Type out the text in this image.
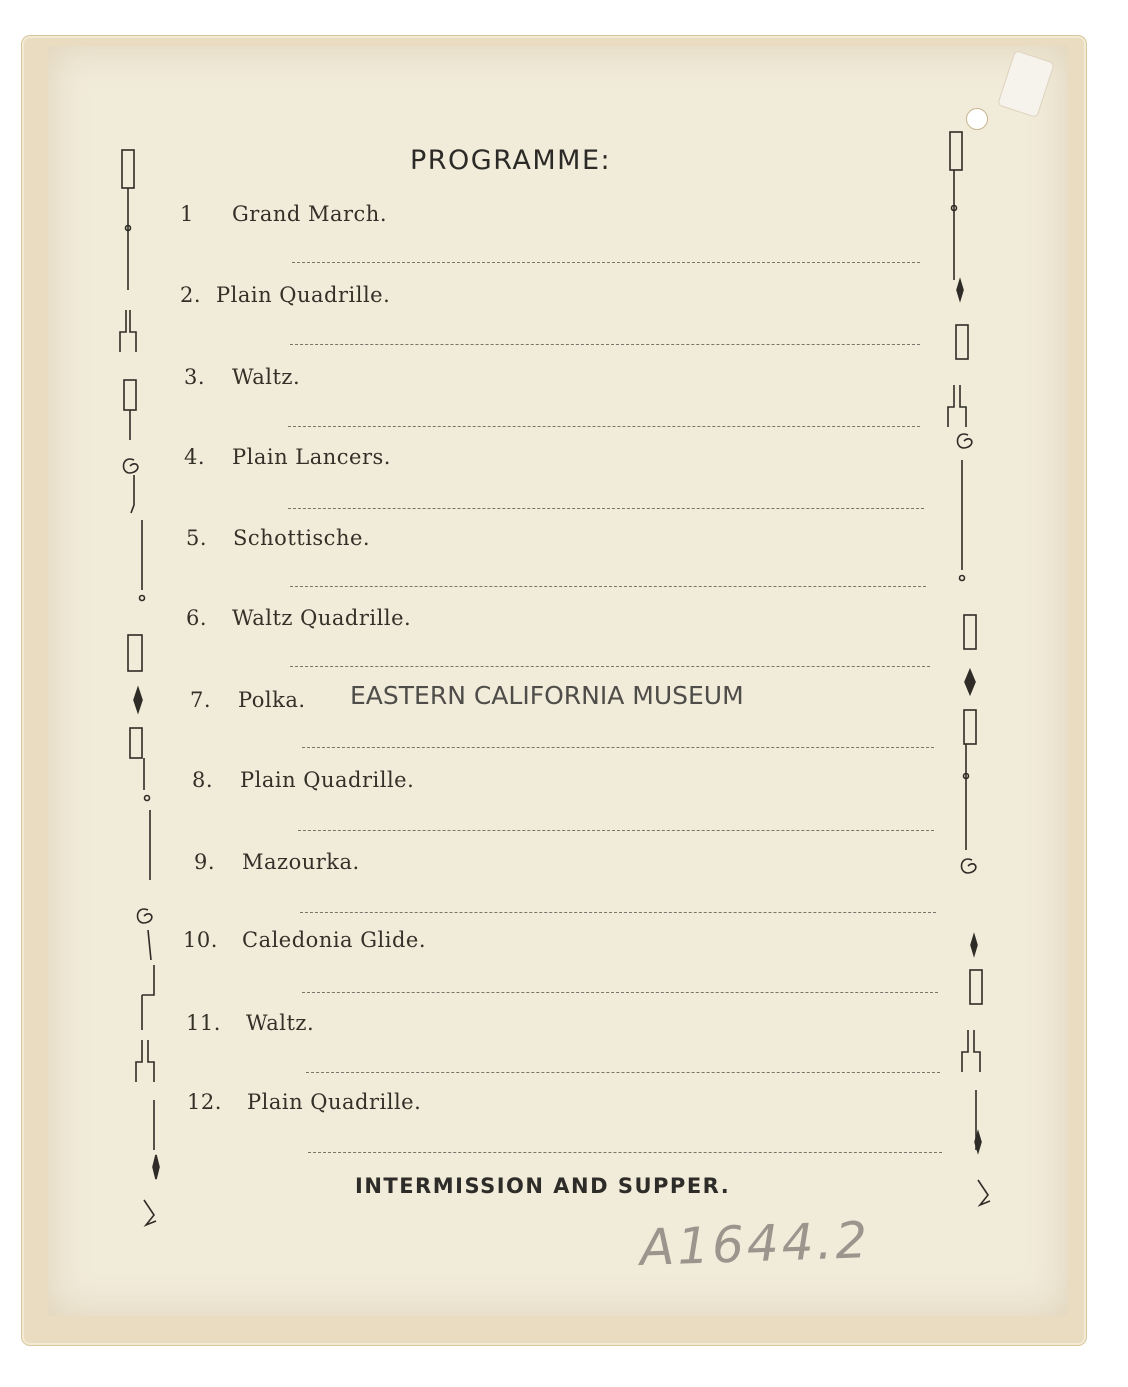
PROGRAMME:
1 Grand March.
2. Plain Quadrille.
3. Waltz.
4. Plain Lancers.
5. Schottische.
6. Waltz Quadrille.
7. Polka.
8. Plain Quadrille.
9. Mazourka.
10. Caledonia Glide.
11. Waltz.
12. Plain Quadrille.
INTERMISSION AND SUPPER.
EASTERN CALIFORNIA MUSEUM
A1644.2
